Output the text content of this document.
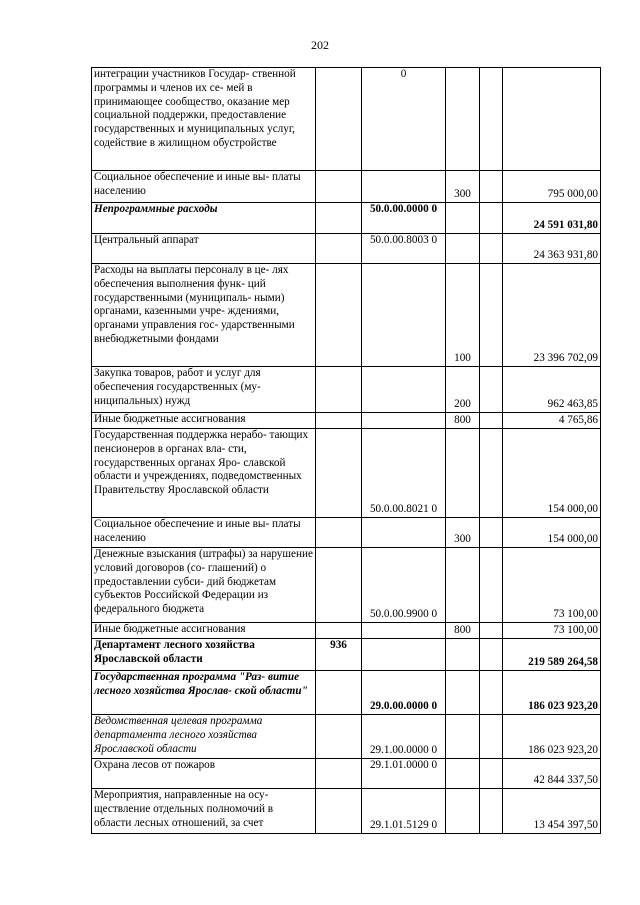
202
интеграции участников Государ- ственной программы и членов их се- мей в принимающее сообщество, оказание мер социальной поддержки, предоставление государственных и муниципальных услуг, содействие в жилищном обустройстве		0			
Социальное обеспечение и иные вы- платы населению			300		795 000,00
Непрограммные расходы		50.0.00.0000 0			24 591 031,80
Центральный аппарат		50.0.00.8003 0			24 363 931,80
Расходы на выплаты персоналу в це- лях обеспечения выполнения функ- ций государственными (муниципаль- ными) органами, казенными учре- ждениями, органами управления гос- ударственными внебюджетными фондами			100		23 396 702,09
Закупка товаров, работ и услуг для обеспечения государственных (му- ниципальных) нужд			200		962 463,85
Иные бюджетные ассигнования			800		4 765,86
Государственная поддержка нерабо- тающих пенсионеров в органах вла- сти, государственных органах Яро- славской области и учреждениях, подведомственных Правительству Ярославской области		50.0.00.8021 0			154 000,00
Социальное обеспечение и иные вы- платы населению			300		154 000,00
Денежные взыскания (штрафы) за нарушение условий договоров (со- глашений) о предоставлении субси- дий бюджетам субъектов Российской Федерации из федерального бюджета		50.0.00.9900 0			73 100,00
Иные бюджетные ассигнования			800		73 100,00
Департамент лесного хозяйства Ярославской области	936				219 589 264,58
Государственная программа "Раз- витие лесного хозяйства Ярослав- ской области"		29.0.00.0000 0			186 023 923,20
Ведомственная целевая программа департамента лесного хозяйства Ярославской области		29.1.00.0000 0			186 023 923,20
Охрана лесов от пожаров		29.1.01.0000 0			42 844 337,50
Мероприятия, направленные на осу- ществление отдельных полномочий в области лесных отношений, за счет		29.1.01.5129 0			13 454 397,50
